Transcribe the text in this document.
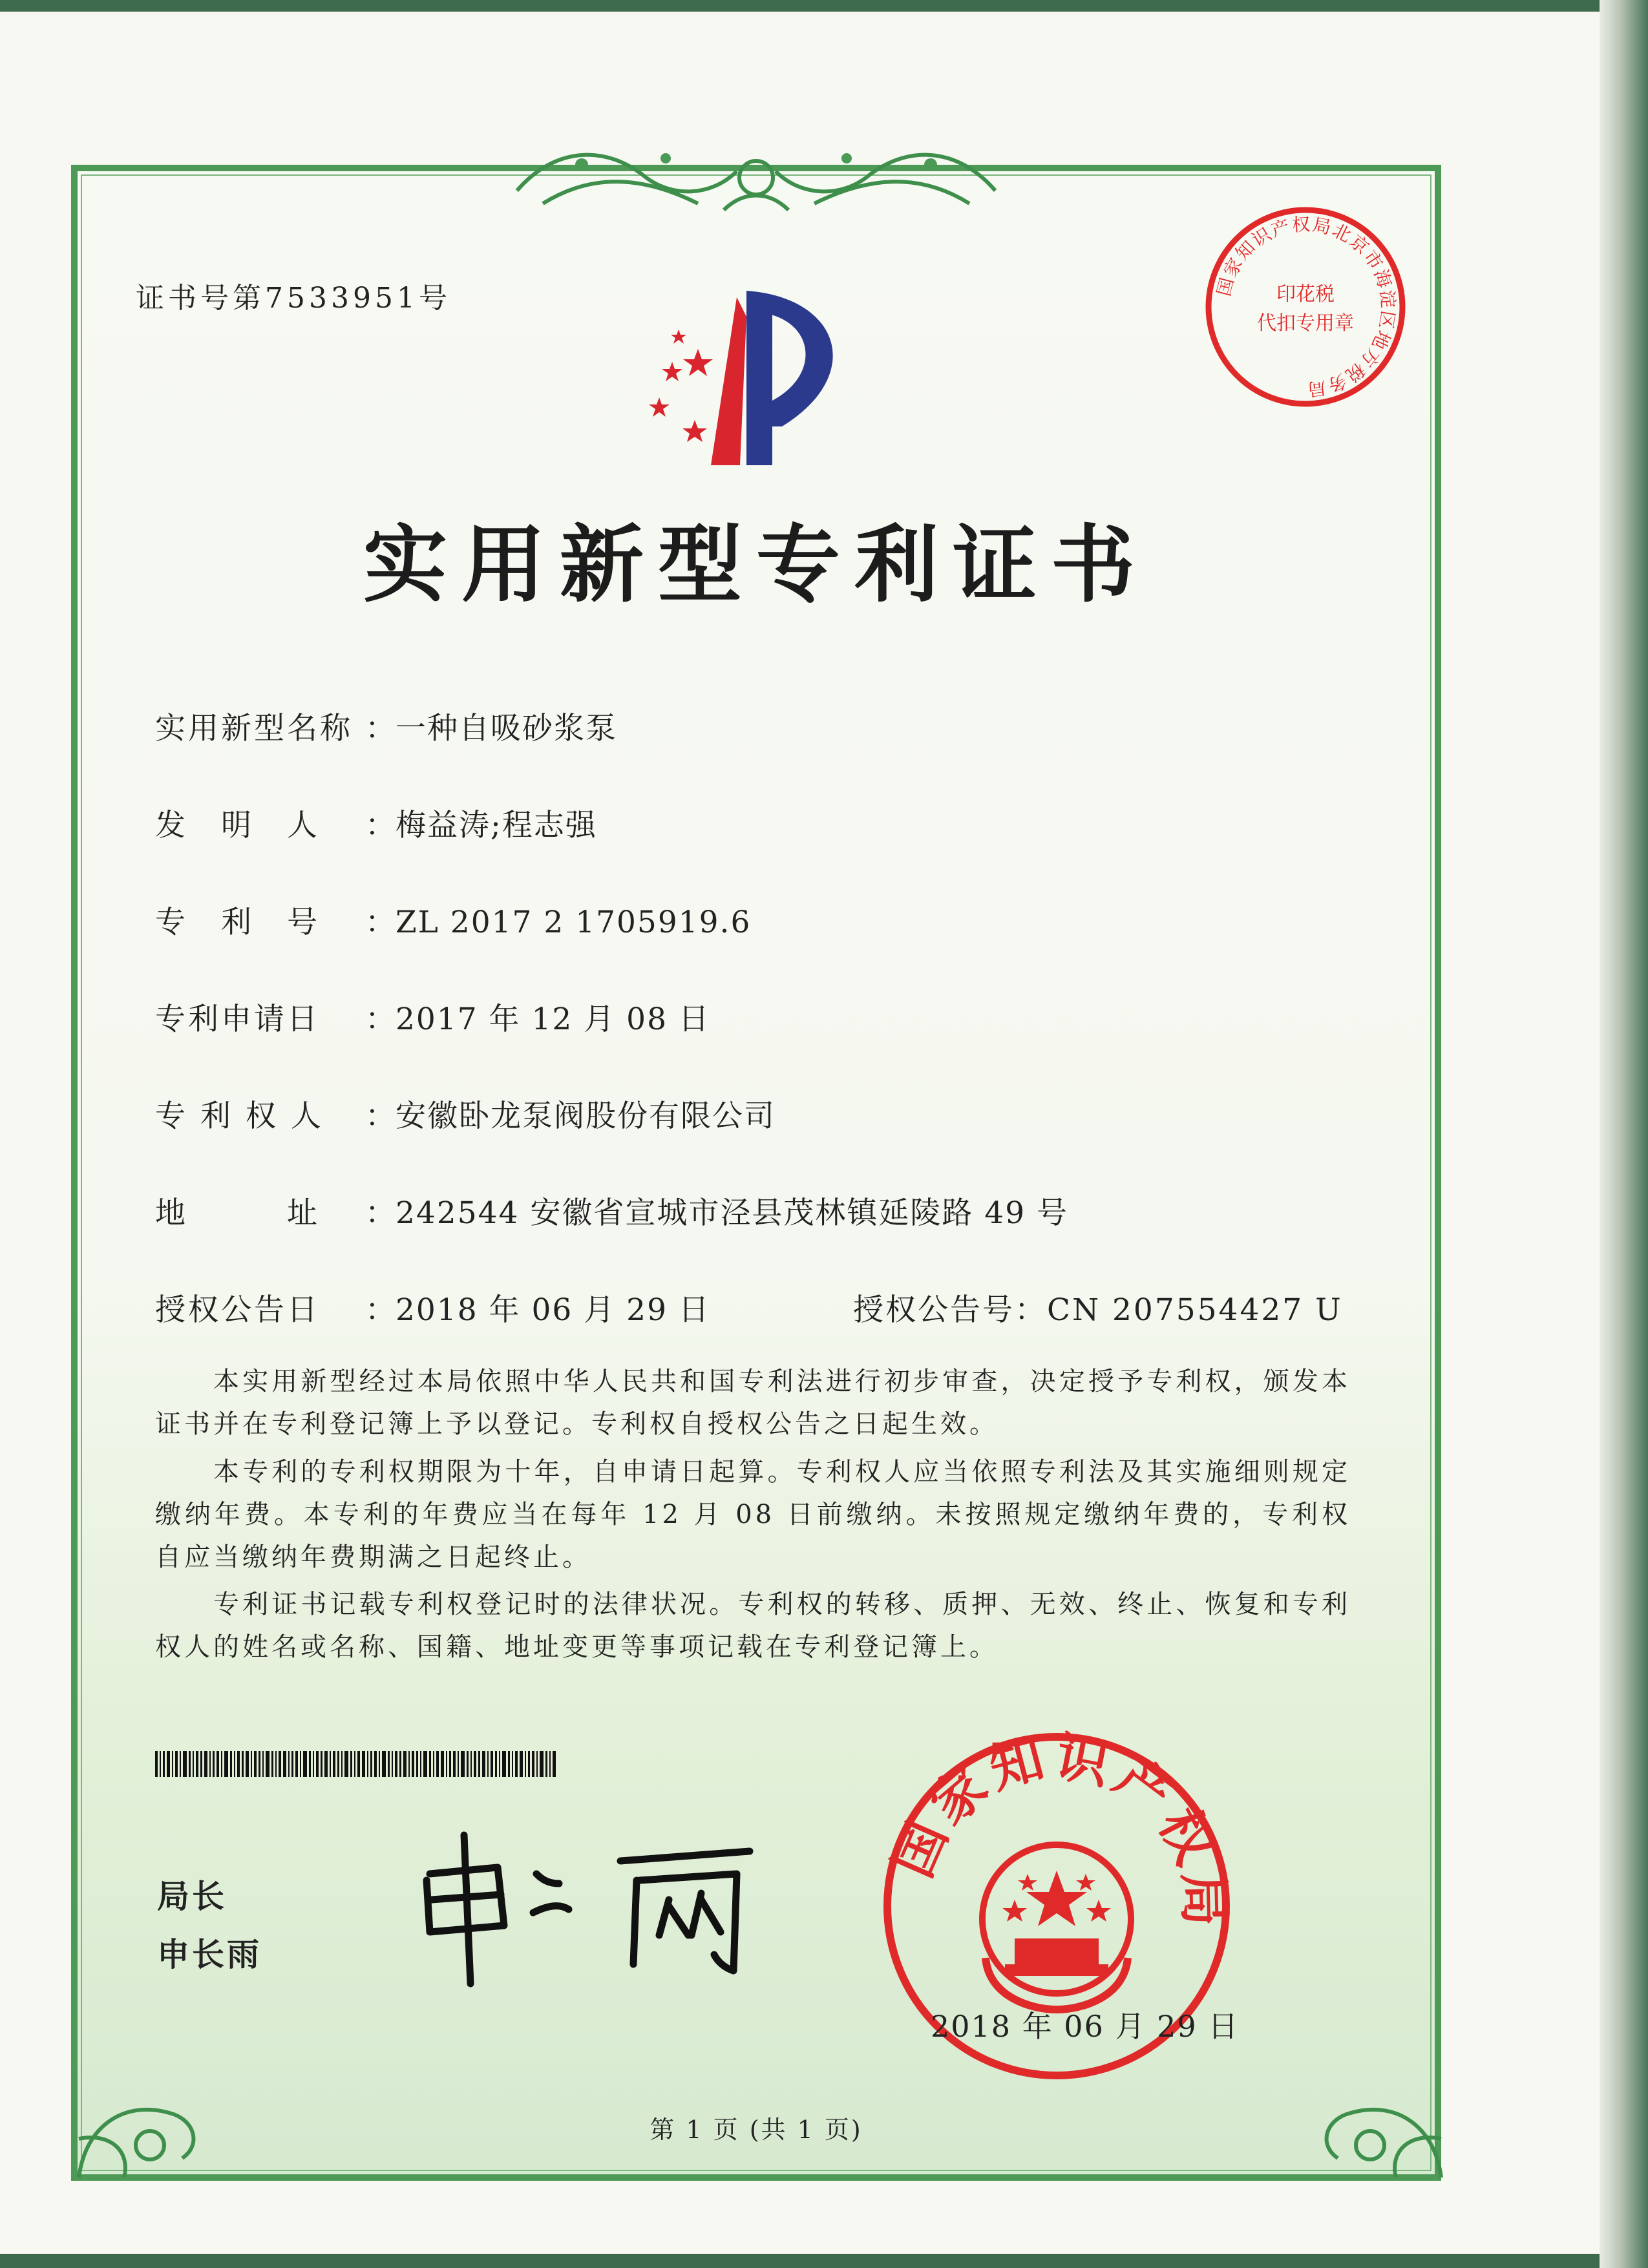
证书号第7533951号	国家知识产权局北京市海淀区地方税务局
印花税
代扣专用章
实用新型专利证书
实用新型名称 ：一种自吸砂浆泵
发　明　人 ：梅益涛;程志强
专　利　号 ：ZL 2017 2 1705919.6
专利申请日 ：2017 年 12 月 08 日
专 利 权 人 ：安徽卧龙泵阀股份有限公司
地　　　址 ：242544 安徽省宣城市泾县茂林镇延陵路 49 号
授权公告日 ：2018 年 06 月 29 日	授权公告号：CN 207554427 U
本实用新型经过本局依照中华人民共和国专利法进行初步审查，决定授予专利权，颁发本证书并在专利登记簿上予以登记。专利权自授权公告之日起生效。
本专利的专利权期限为十年，自申请日起算。专利权人应当依照专利法及其实施细则规定缴纳年费。本专利的年费应当在每年 12 月 08 日前缴纳。未按照规定缴纳年费的，专利权自应当缴纳年费期满之日起终止。
专利证书记载专利权登记时的法律状况。专利权的转移、质押、无效、终止、恢复和专利权人的姓名或名称、国籍、地址变更等事项记载在专利登记簿上。
局长
申长雨
国家知识产权局
2018 年 06 月 29 日
第 1 页 (共 1 页)
